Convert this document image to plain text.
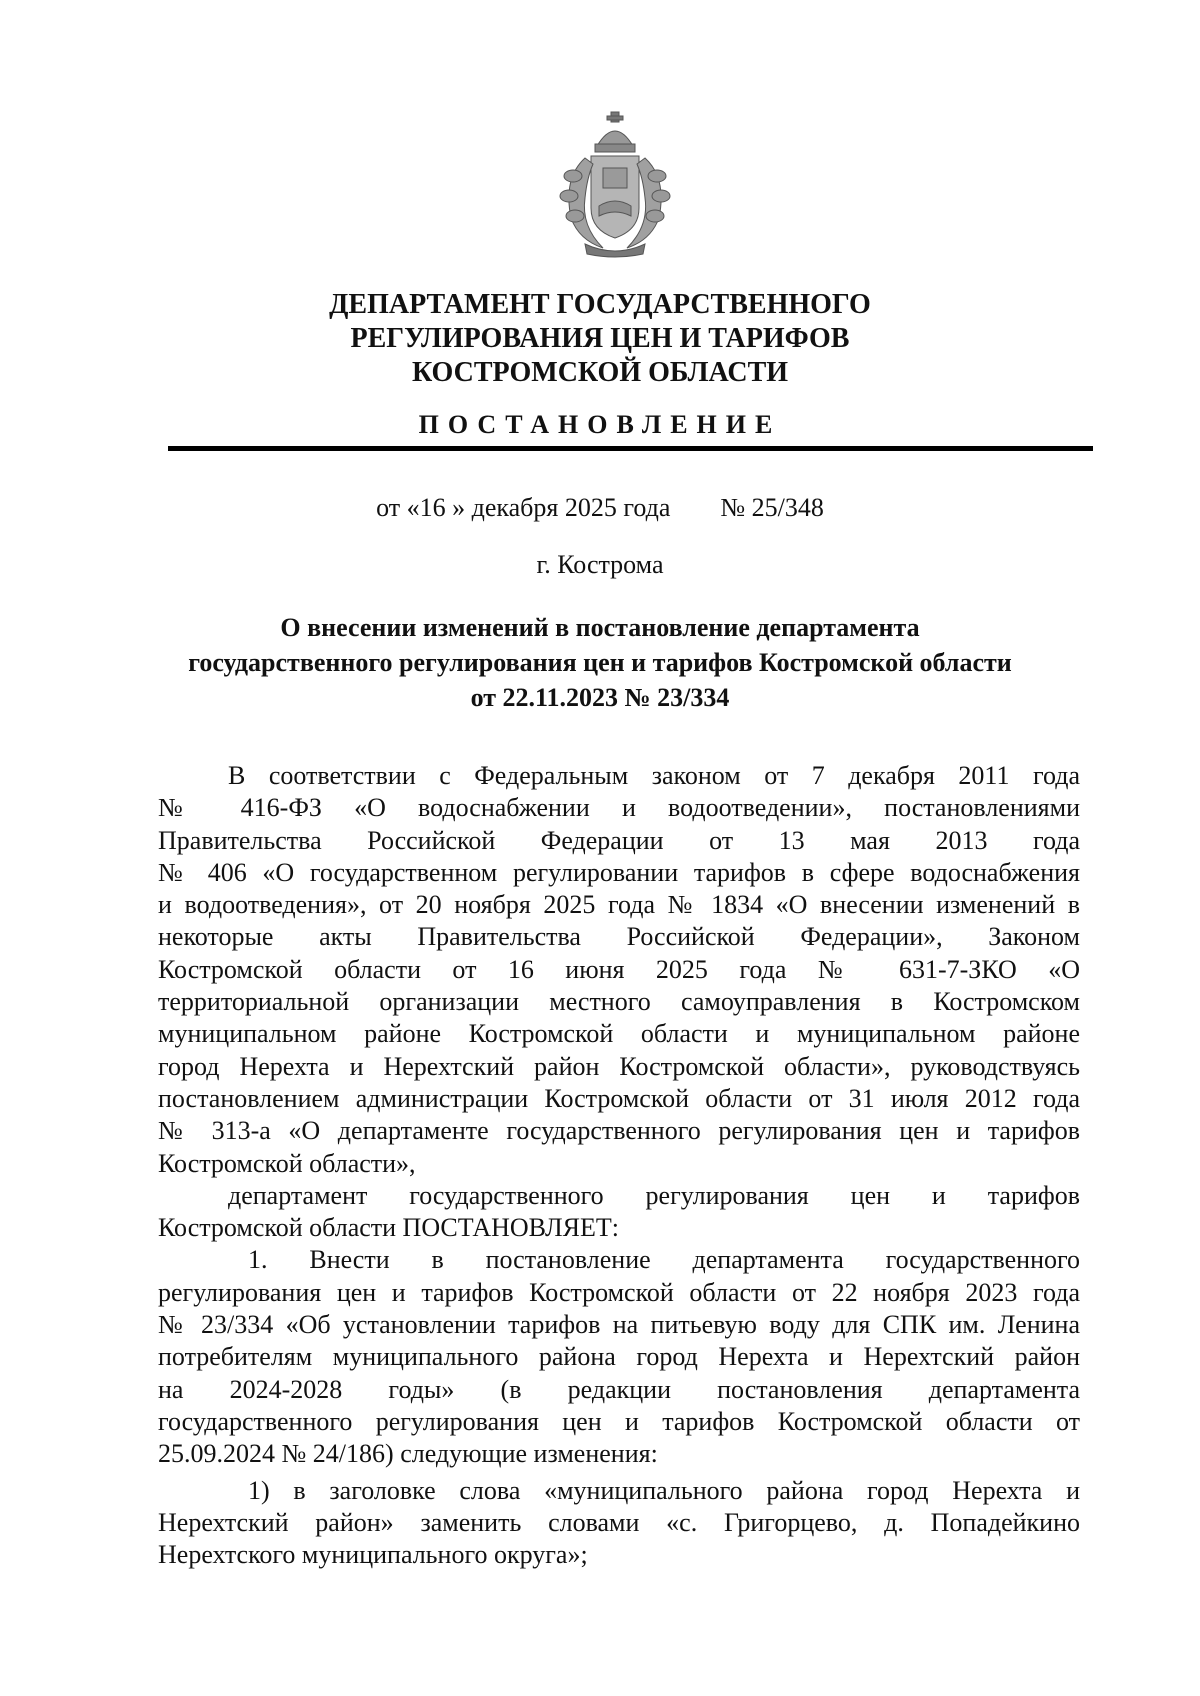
ДЕПАРТАМЕНТ ГОСУДАРСТВЕННОГО
РЕГУЛИРОВАНИЯ ЦЕН И ТАРИФОВ
КОСТРОМСКОЙ ОБЛАСТИ
ПОСТАНОВЛЕНИЕ
от «16 » декабря 2025 года № 25/348
г. Кострома
О внесении изменений в постановление департамента
государственного регулирования цен и тарифов Костромской области
от 22.11.2023 № 23/334
В соответствии с Федеральным законом от 7 декабря 2011 года
№ 416-ФЗ «О водоснабжении и водоотведении», постановлениями
Правительства Российской Федерации от 13 мая 2013 года
№ 406 «О государственном регулировании тарифов в сфере водоснабжения
и водоотведения», от 20 ноября 2025 года № 1834 «О внесении изменений в
некоторые акты Правительства Российской Федерации», Законом
Костромской области от 16 июня 2025 года № 631-7-ЗКО «О
территориальной организации местного самоуправления в Костромском
муниципальном районе Костромской области и муниципальном районе
город Нерехта и Нерехтский район Костромской области», руководствуясь
постановлением администрации Костромской области от 31 июля 2012 года
№ 313-а «О департаменте государственного регулирования цен и тарифов
Костромской области»,
департамент государственного регулирования цен и тарифов
Костромской области ПОСТАНОВЛЯЕТ:
1. Внести в постановление департамента государственного
регулирования цен и тарифов Костромской области от 22 ноября 2023 года
№ 23/334 «Об установлении тарифов на питьевую воду для СПК им. Ленина
потребителям муниципального района город Нерехта и Нерехтский район
на 2024-2028 годы» (в редакции постановления департамента
государственного регулирования цен и тарифов Костромской области от
25.09.2024 № 24/186) следующие изменения:
1) в заголовке слова «муниципального района город Нерехта и
Нерехтский район» заменить словами «с. Григорцево, д. Попадейкино
Нерехтского муниципального округа»;
